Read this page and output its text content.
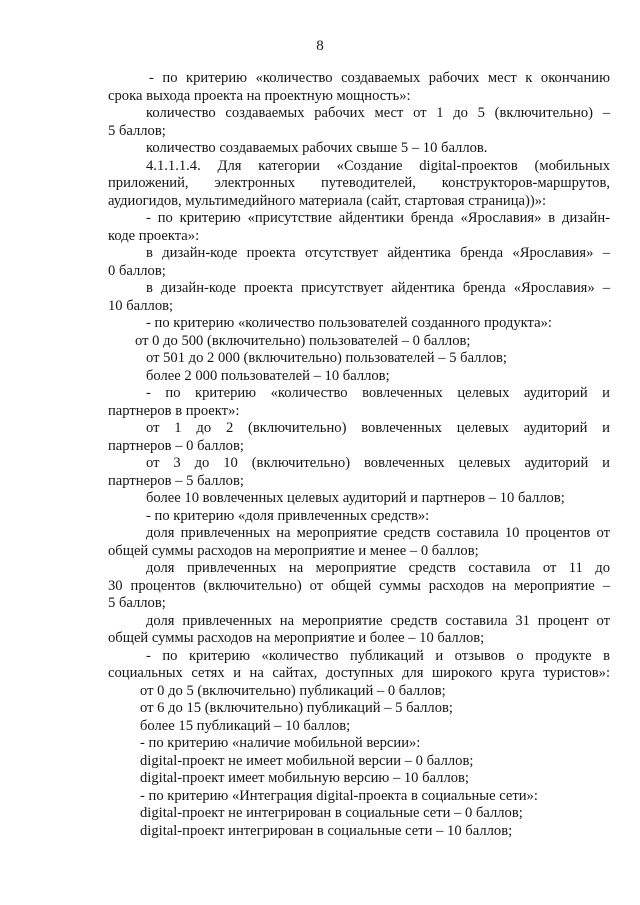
8
- по критерию «количество создаваемых рабочих мест к окончанию
срока выхода проекта на проектную мощность»:
количество создаваемых рабочих мест от 1 до 5 (включительно) –
5 баллов;
количество создаваемых рабочих свыше 5 – 10 баллов.
4.1.1.1.4. Для категории «Создание digital-проектов (мобильных
приложений, электронных путеводителей, конструкторов-маршрутов,
аудиогидов, мультимедийного материала (сайт, стартовая страница))»:
- по критерию «присутствие айдентики бренда «Ярославия» в дизайн-
коде проекта»:
в дизайн-коде проекта отсутствует айдентика бренда «Ярославия» –
0 баллов;
в дизайн-коде проекта присутствует айдентика бренда «Ярославия» –
10 баллов;
- по критерию «количество пользователей созданного продукта»:
от 0 до 500 (включительно) пользователей – 0 баллов;
от 501 до 2 000 (включительно) пользователей – 5 баллов;
более 2 000 пользователей – 10 баллов;
- по критерию «количество вовлеченных целевых аудиторий и
партнеров в проект»:
от 1 до 2 (включительно) вовлеченных целевых аудиторий и
партнеров – 0 баллов;
от 3 до 10 (включительно) вовлеченных целевых аудиторий и
партнеров – 5 баллов;
более 10 вовлеченных целевых аудиторий и партнеров – 10 баллов;
- по критерию «доля привлеченных средств»:
доля привлеченных на мероприятие средств составила 10 процентов от
общей суммы расходов на мероприятие и менее – 0 баллов;
доля привлеченных на мероприятие средств составила от 11 до
30 процентов (включительно) от общей суммы расходов на мероприятие –
5 баллов;
доля привлеченных на мероприятие средств составила 31 процент от
общей суммы расходов на мероприятие и более – 10 баллов;
- по критерию «количество публикаций и отзывов о продукте в
социальных сетях и на сайтах, доступных для широкого круга туристов»:
от 0 до 5 (включительно) публикаций – 0 баллов;
от 6 до 15 (включительно) публикаций – 5 баллов;
более 15 публикаций – 10 баллов;
- по критерию «наличие мобильной версии»:
digital-проект не имеет мобильной версии – 0 баллов;
digital-проект имеет мобильную версию – 10 баллов;
- по критерию «Интеграция digital-проекта в социальные сети»:
digital-проект не интегрирован в социальные сети – 0 баллов;
digital-проект интегрирован в социальные сети – 10 баллов;
